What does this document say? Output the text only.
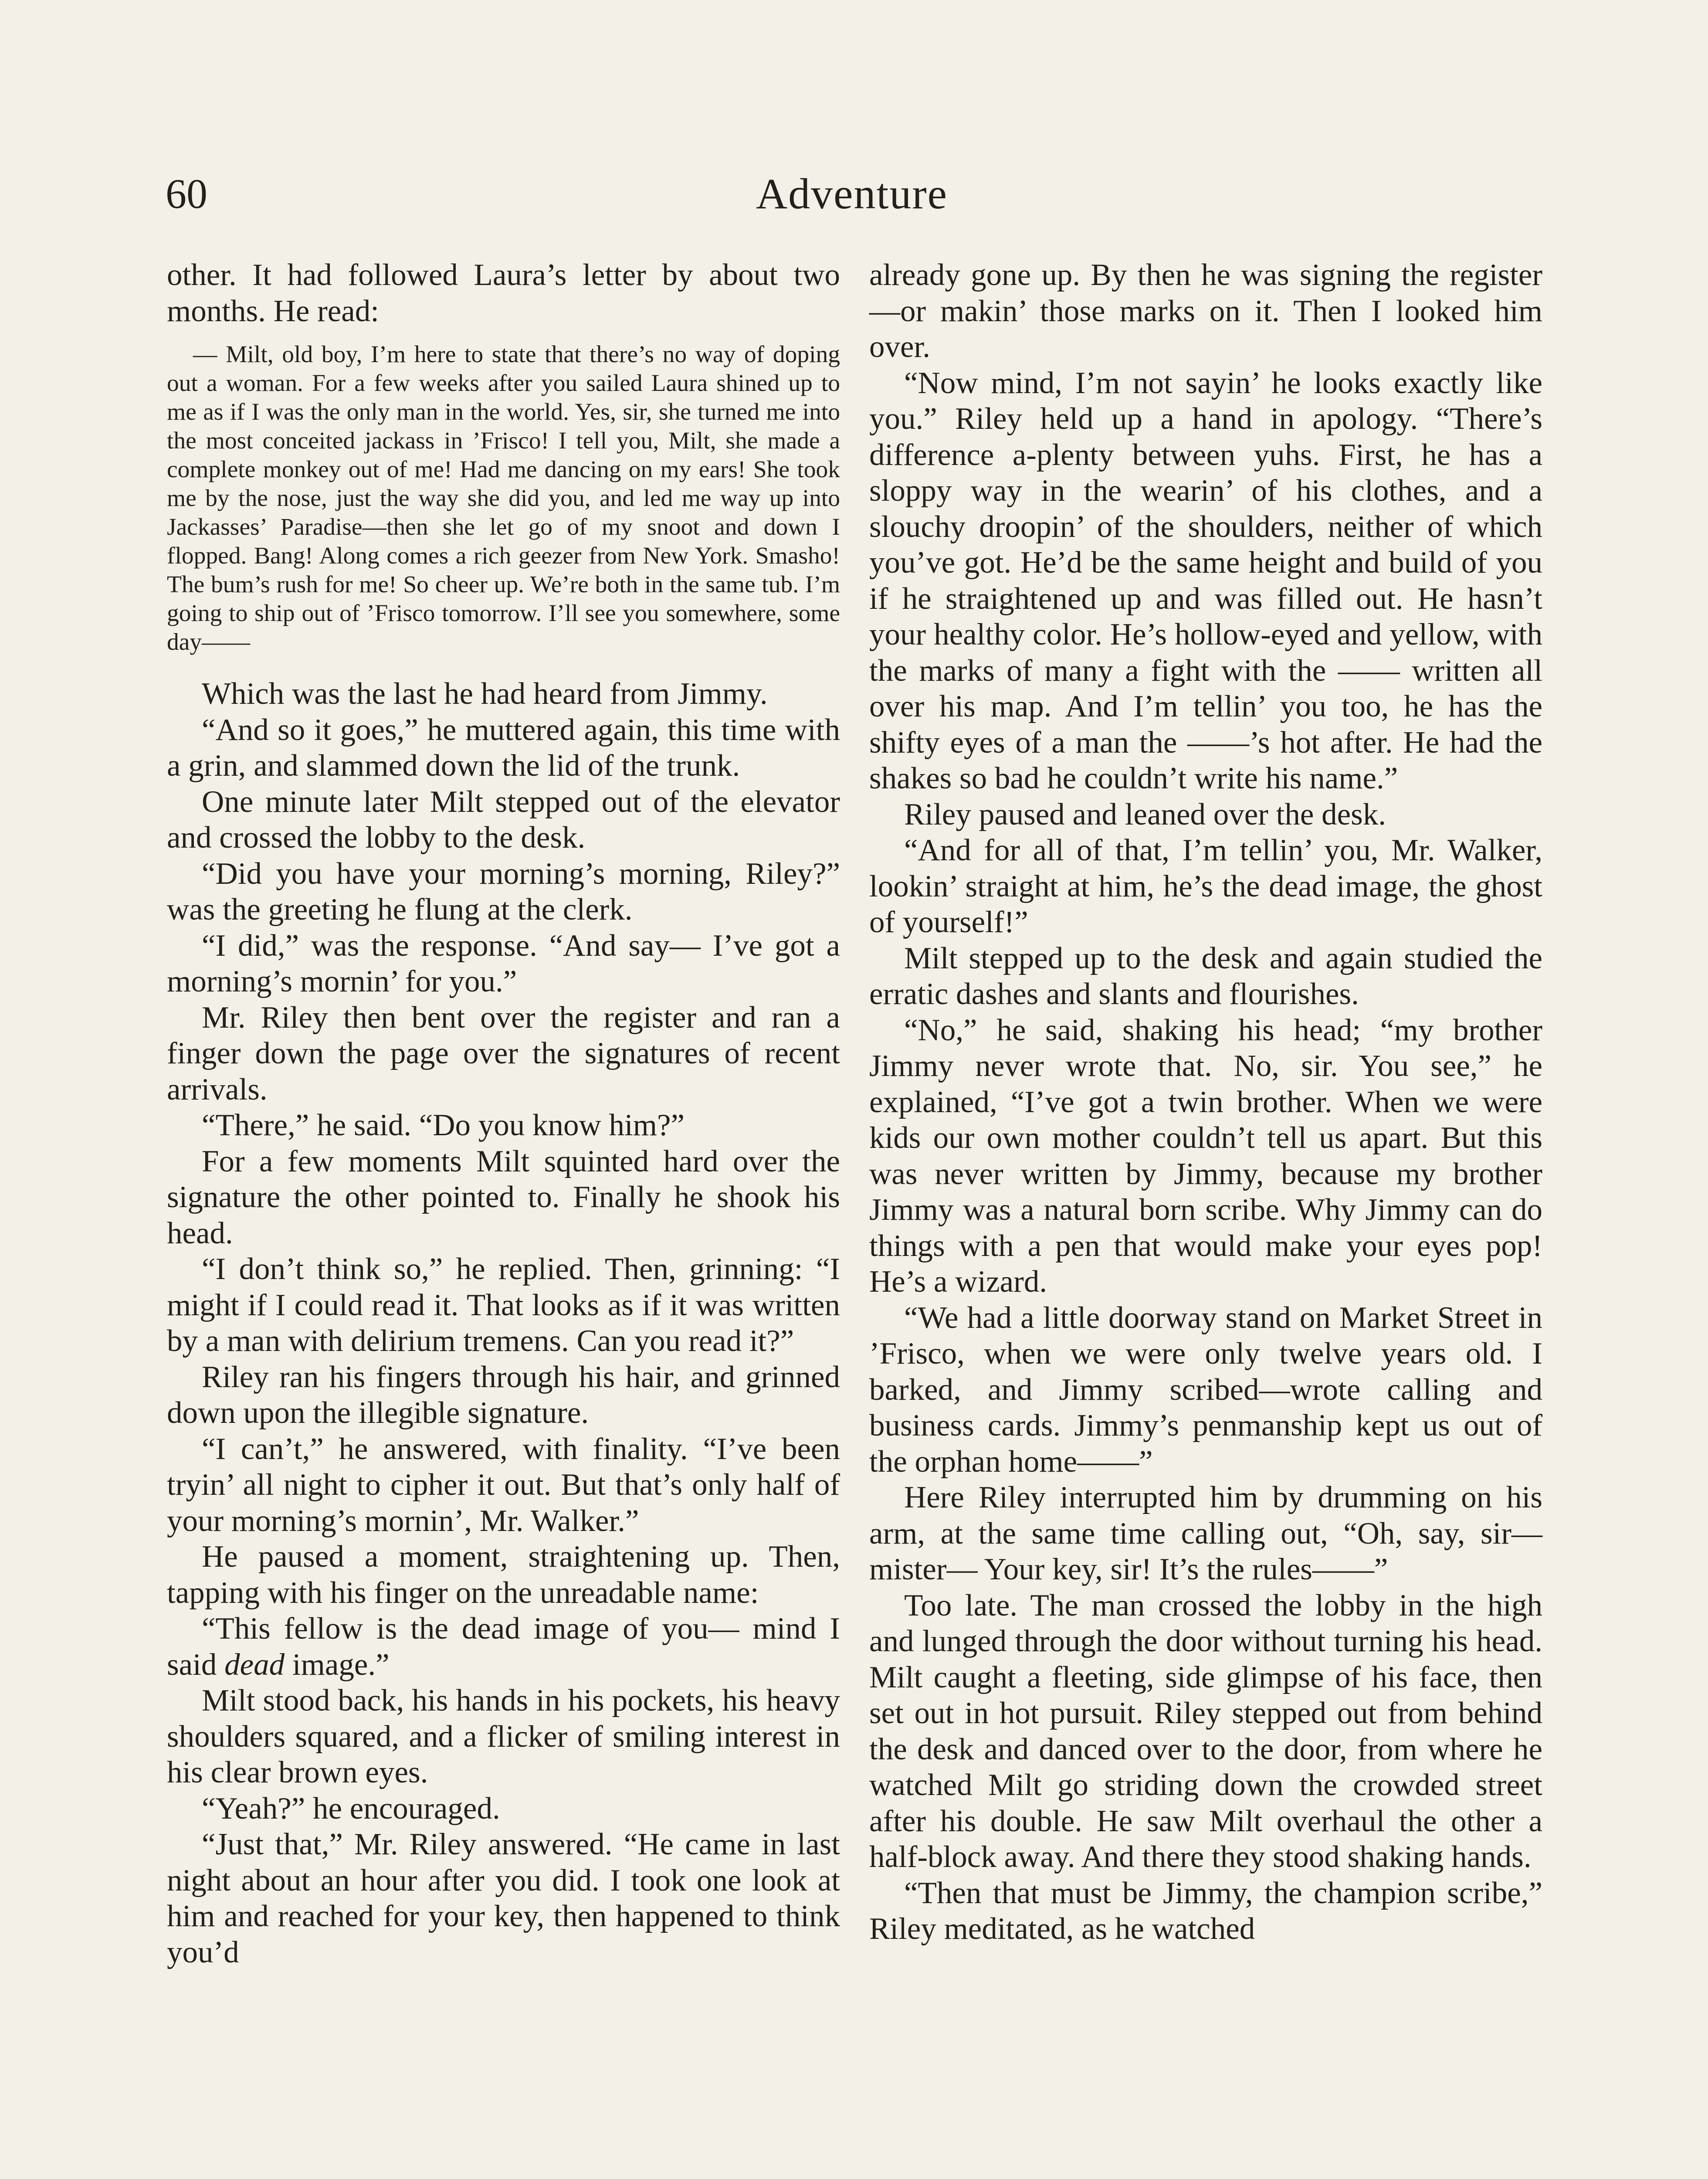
60	Adventure

other. It had followed Laura’s letter by about two months. He read:

— Milt, old boy, I’m here to state that there’s no way of doping out a woman. For a few weeks after you sailed Laura shined up to me as if I was the only man in the world. Yes, sir, she turned me into the most conceited jackass in ’Frisco! I tell you, Milt, she made a complete monkey out of me! Had me dancing on my ears! She took me by the nose, just the way she did you, and led me way up into Jackasses’ Paradise—then she let go of my snoot and down I flopped. Bang! Along comes a rich geezer from New York. Smasho! The bum’s rush for me! So cheer up. We’re both in the same tub. I’m going to ship out of ’Frisco tomorrow. I’ll see you somewhere, some day——

Which was the last he had heard from Jimmy.

“And so it goes,” he muttered again, this time with a grin, and slammed down the lid of the trunk.

One minute later Milt stepped out of the elevator and crossed the lobby to the desk.

“Did you have your morning’s morning, Riley?” was the greeting he flung at the clerk.

“I did,” was the response. “And say— I’ve got a morning’s mornin’ for you.”

Mr. Riley then bent over the register and ran a finger down the page over the signatures of recent arrivals.

“There,” he said. “Do you know him?”

For a few moments Milt squinted hard over the signature the other pointed to. Finally he shook his head.

“I don’t think so,” he replied. Then, grinning: “I might if I could read it. That looks as if it was written by a man with delirium tremens. Can you read it?”

Riley ran his fingers through his hair, and grinned down upon the illegible signature.

“I can’t,” he answered, with finality. “I’ve been tryin’ all night to cipher it out. But that’s only half of your morning’s mornin’, Mr. Walker.”

He paused a moment, straightening up. Then, tapping with his finger on the unreadable name:

“This fellow is the dead image of you— mind I said dead image.”

Milt stood back, his hands in his pockets, his heavy shoulders squared, and a flicker of smiling interest in his clear brown eyes.

“Yeah?” he encouraged.

“Just that,” Mr. Riley answered. “He came in last night about an hour after you did. I took one look at him and reached for your key, then happened to think you’d

already gone up. By then he was signing the register—or makin’ those marks on it. Then I looked him over.

“Now mind, I’m not sayin’ he looks exactly like you.” Riley held up a hand in apology. “There’s difference a-plenty between yuhs. First, he has a sloppy way in the wearin’ of his clothes, and a slouchy droopin’ of the shoulders, neither of which you’ve got. He’d be the same height and build of you if he straightened up and was filled out. He hasn’t your healthy color. He’s hollow-eyed and yellow, with the marks of many a fight with the —— written all over his map. And I’m tellin’ you too, he has the shifty eyes of a man the ——’s hot after. He had the shakes so bad he couldn’t write his name.”

Riley paused and leaned over the desk.

“And for all of that, I’m tellin’ you, Mr. Walker, lookin’ straight at him, he’s the dead image, the ghost of yourself!”

Milt stepped up to the desk and again studied the erratic dashes and slants and flourishes.

“No,” he said, shaking his head; “my brother Jimmy never wrote that. No, sir. You see,” he explained, “I’ve got a twin brother. When we were kids our own mother couldn’t tell us apart. But this was never written by Jimmy, because my brother Jimmy was a natural born scribe. Why Jimmy can do things with a pen that would make your eyes pop! He’s a wizard.

“We had a little doorway stand on Market Street in ’Frisco, when we were only twelve years old. I barked, and Jimmy scribed—wrote calling and business cards. Jimmy’s penmanship kept us out of the orphan home——”

Here Riley interrupted him by drumming on his arm, at the same time calling out, “Oh, say, sir—mister— Your key, sir! It’s the rules——”

Too late. The man crossed the lobby in the high and lunged through the door without turning his head. Milt caught a fleeting, side glimpse of his face, then set out in hot pursuit. Riley stepped out from behind the desk and danced over to the door, from where he watched Milt go striding down the crowded street after his double. He saw Milt overhaul the other a half-block away. And there they stood shaking hands.

“Then that must be Jimmy, the champion scribe,” Riley meditated, as he watched
